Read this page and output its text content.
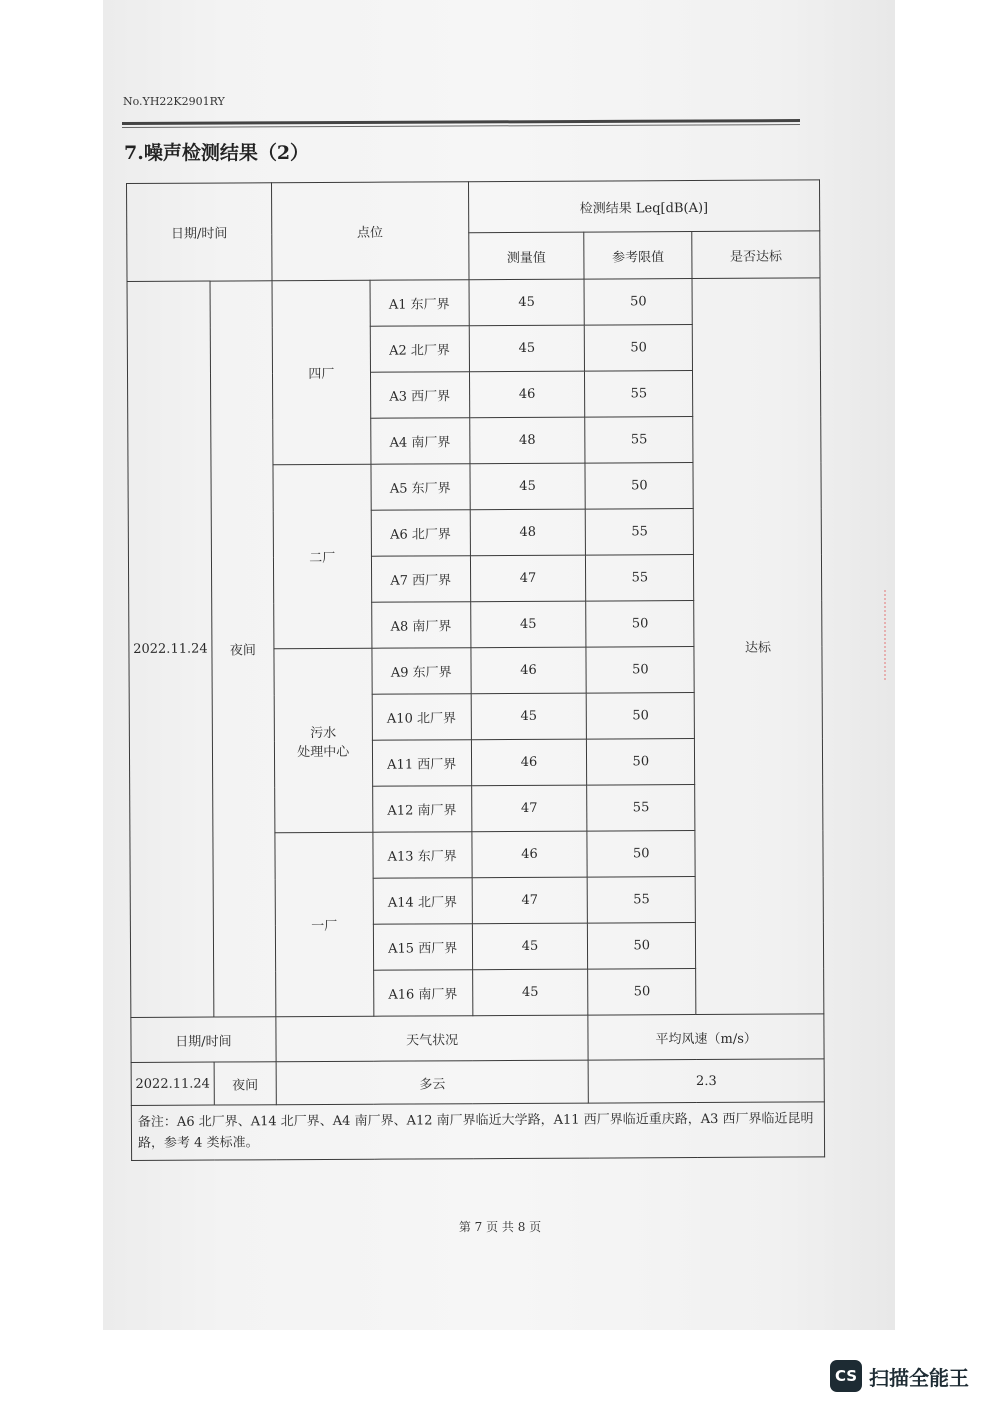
No.YH22K2901RY
7.噪声检测结果（2）
日期/时间		点位		检测结果 Leq[dB(A)]		
				测量值	参考限值	是否达标
2022.11.24	夜间	四厂	A1 东厂界	45	50	达标
			A2 北厂界	45	50	
			A3 西厂界	46	55	
			A4 南厂界	48	55	
		二厂	A5 东厂界	45	50	
			A6 北厂界	48	55	
			A7 西厂界	47	55	
			A8 南厂界	45	50	
		污水
处理中心	A9 东厂界	46	50	
			A10 北厂界	45	50	
			A11 西厂界	46	50	
			A12 南厂界	47	55	
		一厂	A13 东厂界	46	50	
			A14 北厂界	47	55	
			A15 西厂界	45	50	
			A16 南厂界	45	50	
日期/时间		天气状况			平均风速（m/s）	
2022.11.24	夜间	多云			2.3	
备注：A6 北厂界、A14 北厂界、A4 南厂界、A12 南厂界临近大学路，A11 西厂界临近重庆路，A3 西厂界临近昆明路，参考 4 类标准。						
第 7 页 共 8 页
CS 扫描全能王
